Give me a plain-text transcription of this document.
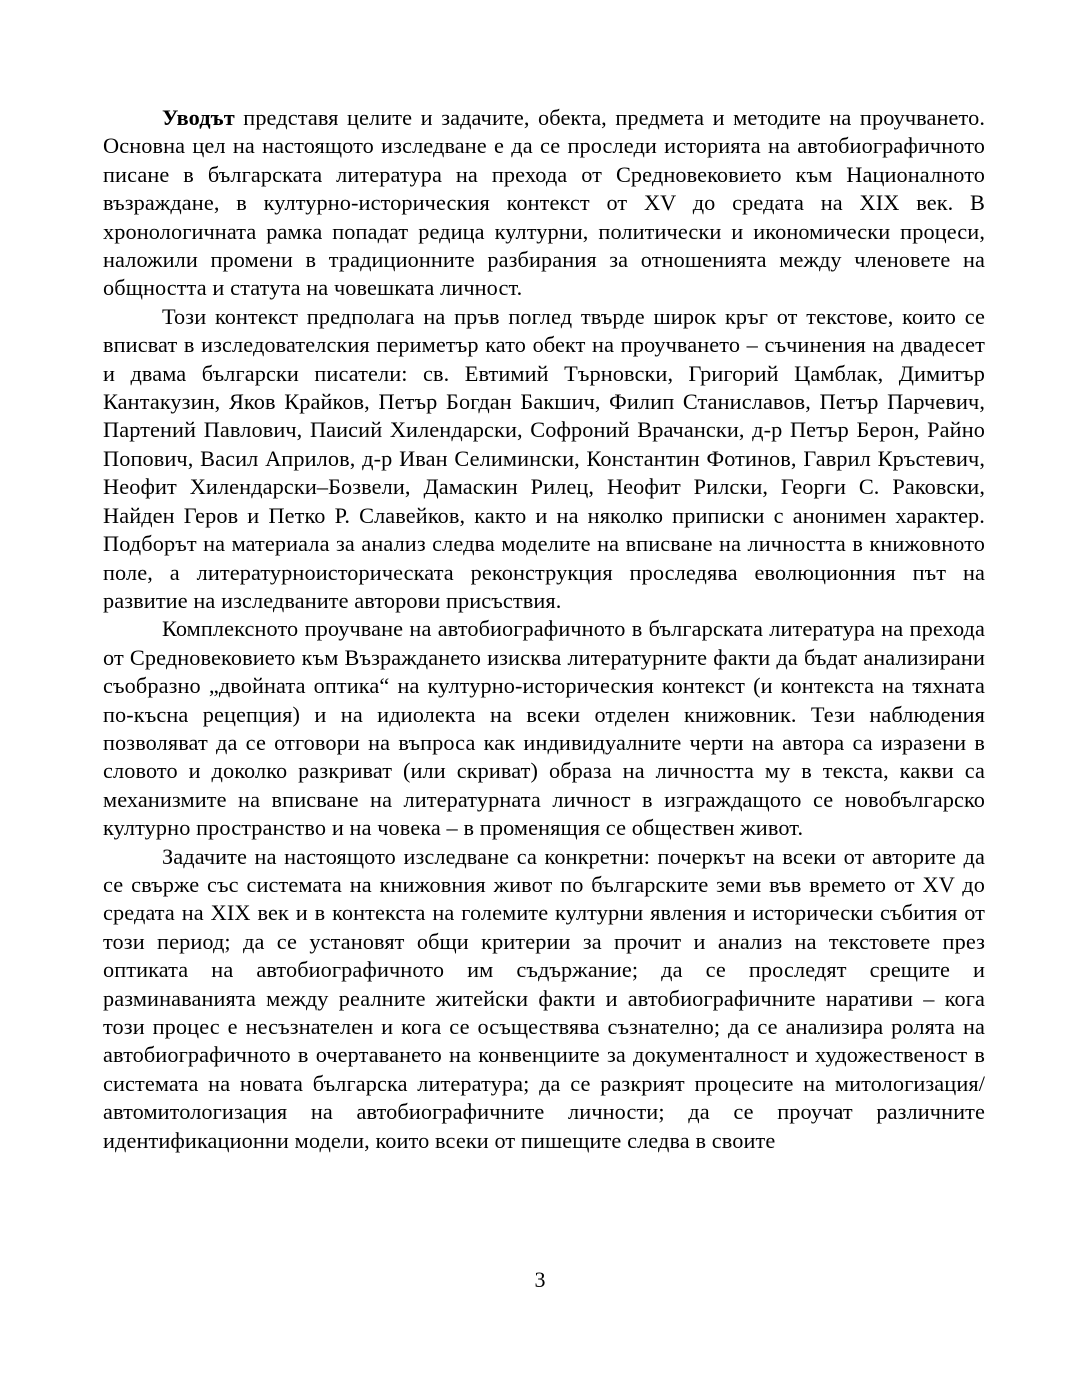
Уводът представя целите и задачите, обекта, предмета и методите на проучването. Основна цел на настоящото изследване е да се проследи историята на автобиографичното писане в българската литература на прехода от Средновековието към Националното възраждане, в културно-историческия контекст от XV до средата на XIX век. В хронологичната рамка попадат редица културни, политически и икономически процеси, наложили промени в традиционните разбирания за отношенията между членовете на общността и статута на човешката личност.

Този контекст предполага на пръв поглед твърде широк кръг от текстове, които се вписват в изследователския периметър като обект на проучването – съчинения на двадесет и двама български писатели: св. Евтимий Търновски, Григорий Цамблак, Димитър Кантакузин, Яков Крайков, Петър Богдан Бакшич, Филип Станиславов, Петър Парчевич, Партений Павлович, Паисий Хилендарски, Софроний Врачански, д-р Петър Берон, Райно Попович, Васил Априлов, д-р Иван Селимински, Константин Фотинов, Гаврил Кръстевич, Неофит Хилендарски–Бозвели, Дамаскин Рилец, Неофит Рилски, Георги С. Раковски, Найден Геров и Петко Р. Славейков, както и на няколко приписки с анонимен характер. Подборът на материала за анализ следва моделите на вписване на личността в книжовното поле, а литературноисторическата реконструкция проследява еволюционния път на развитие на изследваните авторови присъствия.

Комплексното проучване на автобиографичното в българската литература на прехода от Средновековието към Възраждането изисква литературните факти да бъдат анализирани съобразно „двойната оптика“ на културно-историческия контекст (и контекста на тяхната по-късна рецепция) и на идиолекта на всеки отделен книжовник. Тези наблюдения позволяват да се отговори на въпроса как индивидуалните черти на автора са изразени в словото и доколко разкриват (или скриват) образа на личността му в текста, какви са механизмите на вписване на литературната личност в изграждащото се новобългарско културно пространство и на човека – в променящия се обществен живот.

Задачите на настоящото изследване са конкретни: почеркът на всеки от авторите да се свърже със системата на книжовния живот по българските земи във времето от XV до средата на XIX век и в контекста на големите културни явления и исторически събития от този период; да се установят общи критерии за прочит и анализ на текстовете през оптиката на автобиографичното им съдържание; да се проследят срещите и разминаванията между реалните житейски факти и автобиографичните наративи – кога този процес е несъзнателен и кога се осъществява съзнателно; да се анализира ролята на автобиографичното в очертаването на конвенциите за документалност и художественост в системата на новата българска литература; да се разкрият процесите на митологизация/автомитологизация на автобиографичните личности; да се проучат различните идентификационни модели, които всеки от пишещите следва в своите

3
